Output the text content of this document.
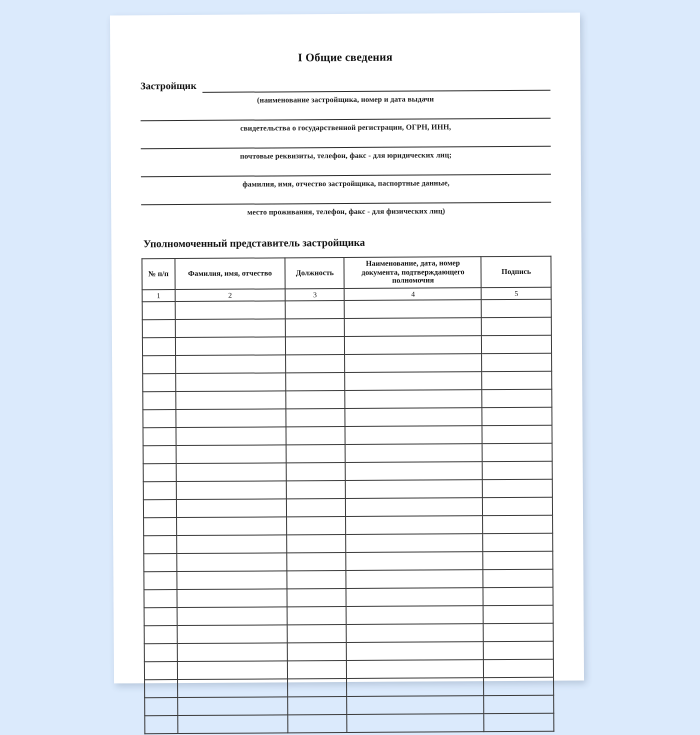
I Общие сведения
Застройщик
(наименование застройщика, номер и дата выдачи
свидетельства о государственной регистрации, ОГРН, ИНН,
почтовые реквизиты, телефон, факс - для юридических лиц;
фамилия, имя, отчество застройщика, паспортные данные,
место проживания, телефон, факс - для физических лиц)
Уполномоченный представитель застройщика
№ п/п	Фамилия, имя, отчество	Должность	Наименование, дата, номер документа, подтверждающего полномочия	Подпись
1	2	3	4	5
